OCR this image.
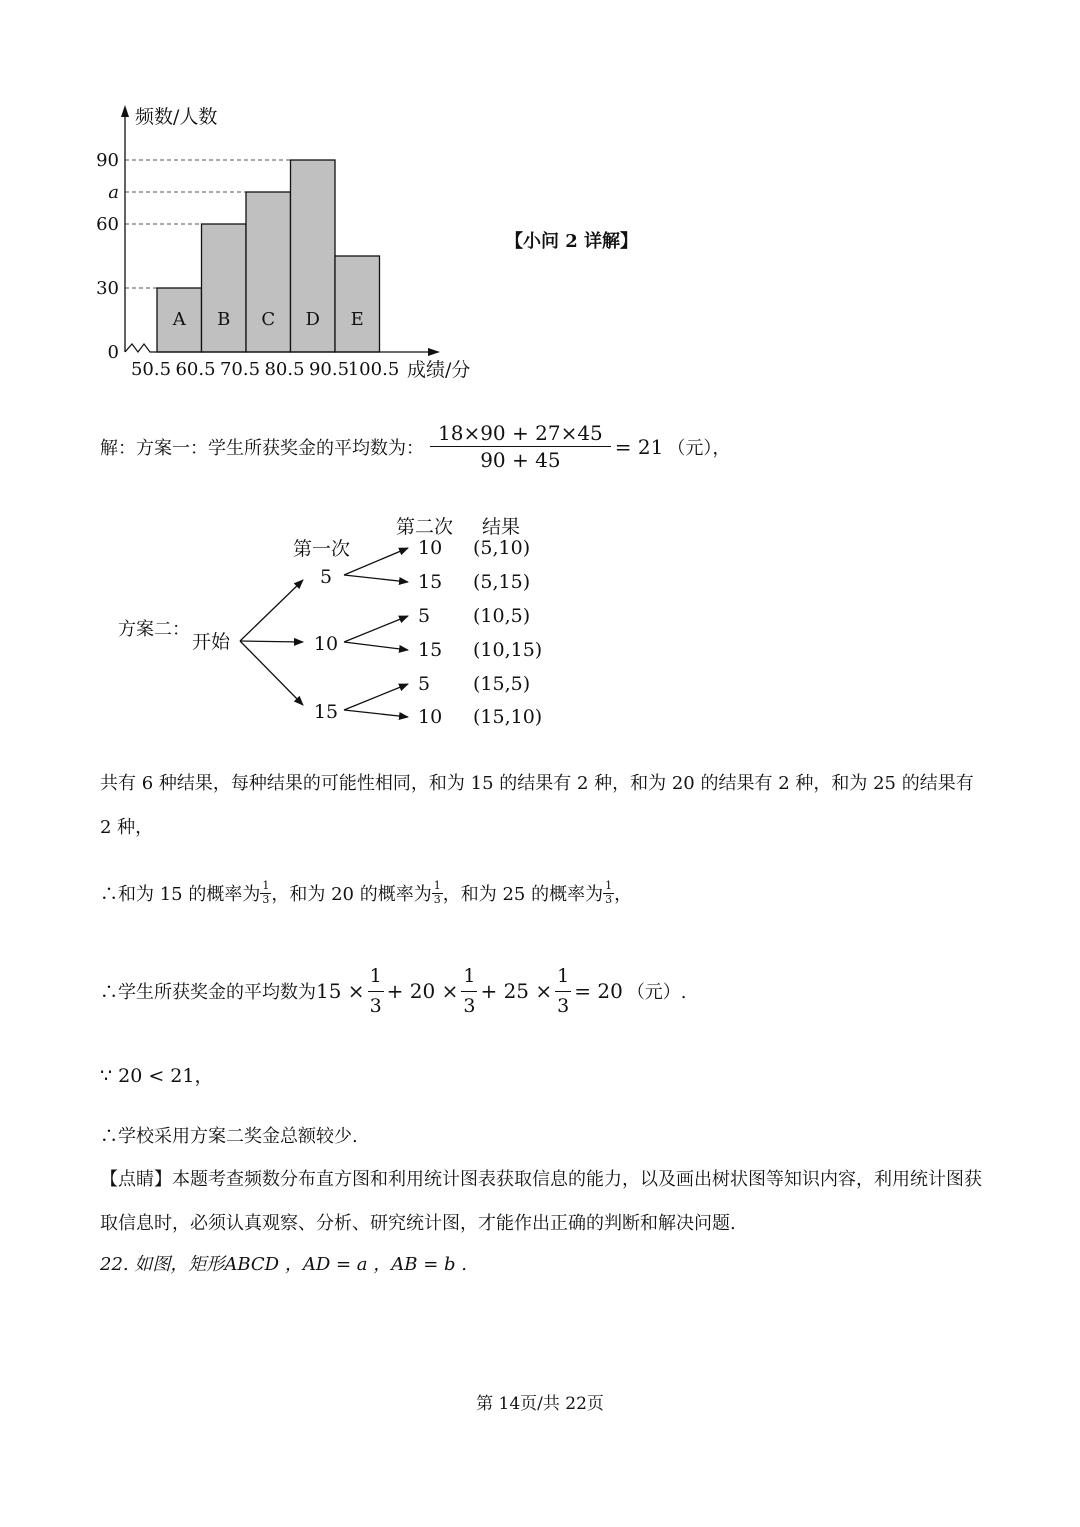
A B C D E
频数/人数
0
30
60
a
90
50.5 60.5 70.5 80.5 90.5
100.5 成绩/分
【小问 2 详解】
解：方案一：学生所获奖金的平均数为： $\frac{18\times 90 + 27\times 45}{90 + 45} = 21$ （元），
方案二：
开始
第二次 结果
第一次
5
10 (5,10)
15 (5,15)
10
5 (10,5)
15 (10,15)
15
5 (15,5)
10 (15,10)
共有 6 种结果，每种结果的可能性相同，和为 15 的结果有 2 种，和为 20 的结果有 2 种，和为 25 的结果有 2 种，
∴和为 15 的概率为 $\frac{1}{3}$ ，和为 20 的概率为 $\frac{1}{3}$ ，和为 25 的概率为 $\frac{1}{3}$ ，
∴学生所获奖金的平均数为 $15 \times \frac{1}{3} + 20 \times \frac{1}{3} + 25 \times \frac{1}{3} = 20$ （元）.
∵ 20 < 21，
∴学校采用方案二奖金总额较少.
【点睛】本题考查频数分布直方图和利用统计图表获取信息的能力，以及画出树状图等知识内容，利用统计图获取信息时，必须认真观察、分析、研究统计图，才能作出正确的判断和解决问题.
22. 如图，矩形ABCD ，AD = a ，AB = b .
第 14页/共 22页
